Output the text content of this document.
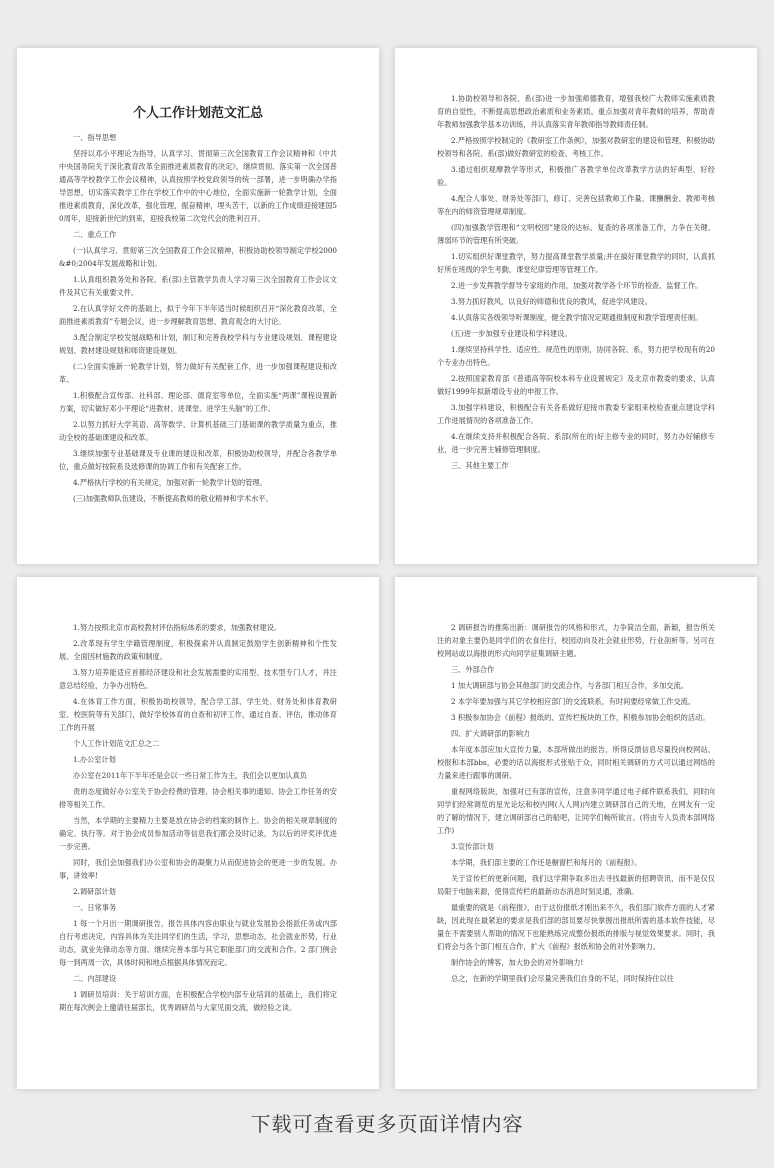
个人工作计划范文汇总

一、指导思想

坚持以邓小平理论为指导，认真学习、贯彻第三次全国教育工作会议精神和《中共中央国务院关于深化教育改革全面推进素质教育的决定》，继续贯彻、落实第一次全国普通高等学校教学工作会议精神，认真按照学校党政领导的统一部署，进一步明确办学指导思想，切实落实教学工作在学校工作中的中心地位，全面实施新一轮教学计划，全面推进素质教育，深化改革，强化管理，振奋精神，埋头苦干，以新的工作成绩迎接建国50周年，迎接新世纪的到来，迎接我校第二次党代会的胜利召开。

二、重点工作

(一)认真学习、贯彻第三次全国教育工作会议精神，积极协助校领导制定学校2000&#0;2004年发展战略和计划。

1.认真组织教务处和各院、系(部)主管教学负责人学习第三次全国教育工作会议文件及其它有关重要文件。

2.在认真学好文件的基础上，拟于今年下半年适当时候组织召开“深化教育改革，全面推进素质教育”专题会议，进一步理解教育思想、教育观念的大讨论。

3.配合制定学校发展战略和计划，制订和完善我校学科与专业建设规划、课程建设规划、教材建设规划和师资建设规划。

(二)全面实施新一轮教学计划，努力做好有关配套工作，进一步加强课程建设和改革。

1.积极配合宣传部、社科部、理论部、德育室等单位，全面实施“两课”课程设置新方案，切实做好邓小平理论“进教材、进课堂、进学生头脑”的工作。

2.以努力抓好大学英语、高等数学、计算机基础三门基础课的教学质量为重点，推动全校的基础课建设和改革。

3.继续加强专业基础课及专业课的建设和改革，积极协助校领导，并配合各教学单位，重点做好按院系及选修课的协调工作和有关配套工作。

4.严格执行学校的有关规定，加强对新一轮教学计划的管理。

(三)加强教师队伍建设，不断提高教师的敬业精神和学术水平。

1.协助校领导和各院、系(部)进一步加强师德教育，增强我校广大教师实施素质教育的自觉性，不断提高思想政治素质和业务素质。重点加强对青年教师的培养，帮助青年教师加强教学基本功训练，并认真落实青年教师指导教师责任制。

2.严格按照学校制定的《教研室工作条例》，加强对教研室的建设和管理，积极协助校领导和各院、系(部)做好教研室的检查、考核工作。

3.通过组织观摩教学等形式，积极推广各教学单位改革教学方法的好典型、好经验。

4.配合人事处、财务处等部门，修订、完善包括教师工作量、课酬酬金、教师考核等在内的师资管理规章制度。

(四)加强教学管理和“文明校园”建设的达标、复查的各项准备工作，力争在关键、薄弱环节的管理有所突破。

1.切实组织好课堂教学，努力提高课堂教学质量;并在搞好课堂教学的同时，认真抓好所在班级的学生考勤，课堂纪律管理等管理工作。

2.进一步发挥教学督导专家组的作用，加强对教学各个环节的检查、监督工作。

3.努力抓好教风，以良好的师德和优良的教风，促进学风建设。

4.认真落实各级领导听课制度，健全教学情况定期通报制度和教学管理责任制。

(五)进一步加强专业建设和学科建设。

1.继续坚持科学性、适应性、规范性的原则，协同各院、系，努力把学校现有的20个专业办出特色。

2.按照国家教育部《普通高等院校本科专业设置规定》及北京市教委的要求，认真做好1999年拟新增设专业的申报工作。

3.加强学科建设，积极配合有关各系做好迎接市教委专家组来校检查重点建设学科工作进展情况的各项准备工作。

4.在继续支持并积极配合各院、系部(所在的)好主修专业的同时，努力办好辅修专业，进一步完善主辅修管理制度。

三、其他主要工作

1.努力按照北京市高校教材评估指标体系的要求，加强教材建设。

2.改革现有学生学籍管理制度，积极探索并认真制定鼓励学生创新精神和个性发展、全面因材施教的政策和制度。

3.努力培养能适应首都经济建设和社会发展需要的实用型、技术型专门人才，并注意总结经验，力争办出特色。

4.在体育工作方面，积极协助校领导，配合学工部、学生处、财务处和体育教研室、校医院等有关部门，做好学校体育的自查和初评工作，通过自查、评估，推动体育工作的开展

个人工作计划范文汇总之二

1.办公室计划

办公室在2011年下半年还是会以一些日常工作为主，我们会以更加认真负

责的态度做好办公室关于协会经费的管理、协会相关事的通知、协会工作任务的安排等相关工作。

当然，本学期的主要精力主要是放在协会的档案的制作上。协会的相关规章制度的确定、执行等。对于协会成员参加活动等信息我们都会及时记录，为以后的评奖评优进一步完善。

同时，我们会加强我们办公室和协会的凝聚力从而促进协会的更进一步的发展。办事，讲效率!

2.调研部计划

一、日常事务

1 每一个月出一期调研报告，报告具体内容由职业与就业发展协会指派任务或内部自行考虑决定，内容具体为关注同学们的生活，学习，思想动态，社会就业形势，行业动态，就业先锋动态等方面。继续完善本部与其它职能部门的交流和合作。2 部门例会每一到两周一次，具体时间和地点根据具体情况而定。

二、内部建设

1 调研员培训：关于培训方面，在积极配合学校内部专业培训的基础上，我们将定期在每次例会上邀请往届部长，优秀调研员与大家见面交流，做经验之谈。

2 调研报告的推陈出新：调研报告的风格和形式，力争简洁全面，新颖，报告所关注的对象主要仍是同学们的衣食住行，校园动向及社会就业形势，行业剖析等。另可在校网站或以海报的形式向同学征集调研主题。

三、外部合作

1 加大调研部与协会其他部门的交流合作，与各部门相互合作，多加交流。

2 本学年要加强与其它学校相应部门的交流联系，有时间要经常做工作交流。

3 积极参加协会《前程》报纸的、宣传栏板块的工作，积极参加协会组织的活动。

四、扩大调研部的影响力

本年度本部应加大宣传力量，本部所做出的报告，所得反馈信息尽量投向校网站，校报和本部bbs，必要的话以海报形式张贴于众，同时相关调研的方式可以通过网络的力量来进行跟事的调研。

重视网络版块，加强对已有部的宣传，注意多同学通过电子邮件联系我们，同时向同学们经常调览的星光论坛和校内网(人人网)内建立调研部自己的天地，在网友有一定的了解的情况下，建立调研部自己的船吧，让同学们畅所欲言。(将由专人负责本部网络工作)

3.宣传部计划

本学期，我们部主要的工作还是橱窗栏和每月的《前程报》。

关于宣传栏的更新问题，我们这学期争取多出去寻找最新的招聘资讯，而不是仅仅局限于电脑来源，使得宣传栏的最新动态消息时刻灵通，准确。

最重要的就是《前程报》，由于这份报纸才刚出来不久，我们部门软件方面的人才紧缺，因此现在最紧迫的要求是我们部的部员要尽快掌握出报纸所需的基本软件技能，尽量在不需要别人帮助的情况下也能熟练完成整份报纸的排版与视觉效果要求。同时，我们将会与各个部门相互合作，扩大《前程》报纸和协会的对外影响力。

制作协会的博客，加大协会的对外影响力!

总之，在新的学期里我们会尽量完善我们自身的不足，同时保持住以往

下载可查看更多页面详情内容
